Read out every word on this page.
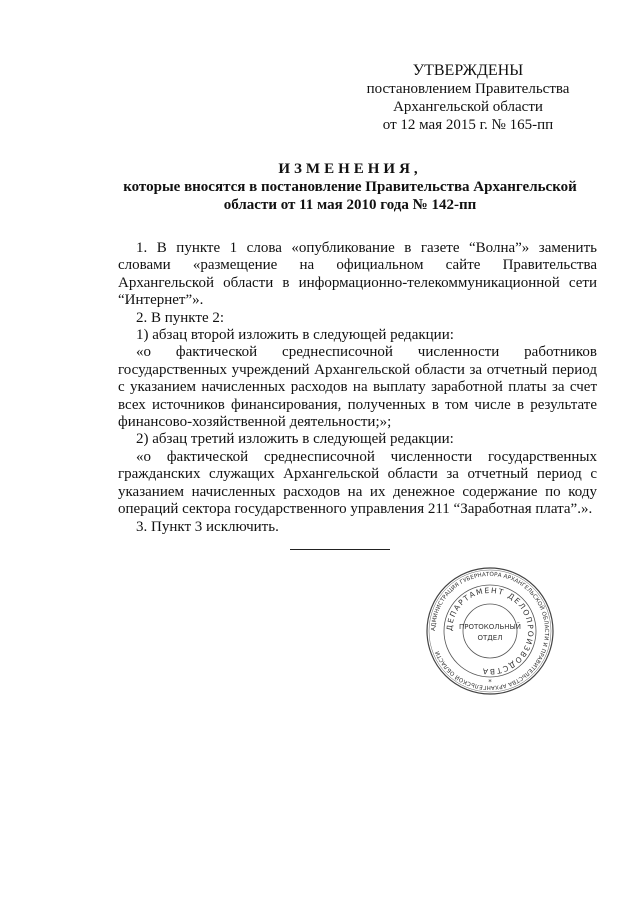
УТВЕРЖДЕНЫ
постановлением Правительства
Архангельской области
от 12 мая 2015 г. № 165-пп
ИЗМЕНЕНИЯ,
которые вносятся в постановление Правительства Архангельской
области от 11 мая 2010 года № 142-пп

1. В пункте 1 слова «опубликование в газете “Волна”» заменить словами «размещение на официальном сайте Правительства Архангельской области в информационно-телекоммуникационной сети “Интернет”».

2. В пункте 2:

1) абзац второй изложить в следующей редакции:

«о фактической среднесписочной численности работников государственных учреждений Архангельской области за отчетный период с указанием начисленных расходов на выплату заработной платы за счет всех источников финансирования, полученных в том числе в результате финансово-хозяйственной деятельности;»;

2) абзац третий изложить в следующей редакции:

«о фактической среднесписочной численности государственных гражданских служащих Архангельской области за отчетный период с указанием начисленных расходов на их денежное содержание по коду операций сектора государственного управления 211 “Заработная плата”.».

3. Пункт 3 исключить.

АДМИНИСТРАЦИЯ ГУБЕРНАТОРА АРХАНГЕЛЬСКОЙ ОБЛАСТИ И ПРАВИТЕЛЬСТВА АРХАНГЕЛЬСКОЙ ОБЛАСТИ
ДЕПАРТАМЕНТ ДЕЛОПРОИЗВОДСТВА
ПРОТОКОЛЬНЫЙ
ОТДЕЛ
*
